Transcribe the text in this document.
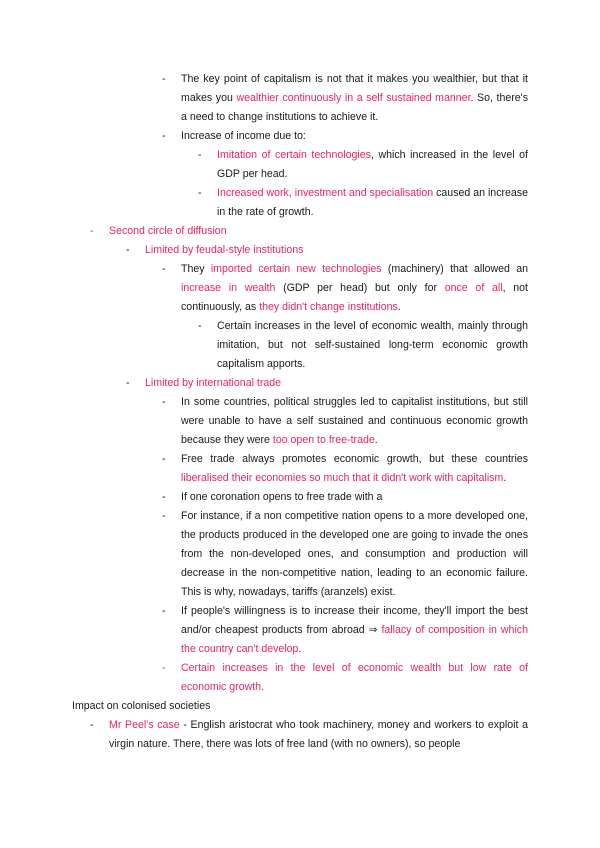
-	The key point of capitalism is not that it makes you wealthier, but that it makes you wealthier continuously in a self sustained manner. So, there's a need to change institutions to achieve it.
-	Increase of income due to:
-	Imitation of certain technologies, which increased in the level of GDP per head.
-	Increased work, investment and specialisation caused an increase in the rate of growth.
-	Second circle of diffusion
-	Limited by feudal-style institutions
-	They imported certain new technologies (machinery) that allowed an increase in wealth (GDP per head) but only for once of all, not continuously, as they didn't change institutions.
-	Certain increases in the level of economic wealth, mainly through imitation, but not self-sustained long-term economic growth capitalism apports.
-	Limited by international trade
-	In some countries, political struggles led to capitalist institutions, but still were unable to have a self sustained and continuous economic growth because they were too open to free-trade.
-	Free trade always promotes economic growth, but these countries liberalised their economies so much that it didn't work with capitalism.
-	If one coronation opens to free trade with a
-	For instance, if a non competitive nation opens to a more developed one, the products produced in the developed one are going to invade the ones from the non-developed ones, and consumption and production will decrease in the non-competitive nation, leading to an economic failure. This is why, nowadays, tariffs (aranzels) exist.
-	If people's willingness is to increase their income, they'll import the best and/or cheapest products from abroad ⇒ fallacy of composition in which the country can't develop.
-	Certain increases in the level of economic wealth but low rate of economic growth.
Impact on colonised societies
-	Mr Peel's case - English aristocrat who took machinery, money and workers to exploit a virgin nature. There, there was lots of free land (with no owners), so people
